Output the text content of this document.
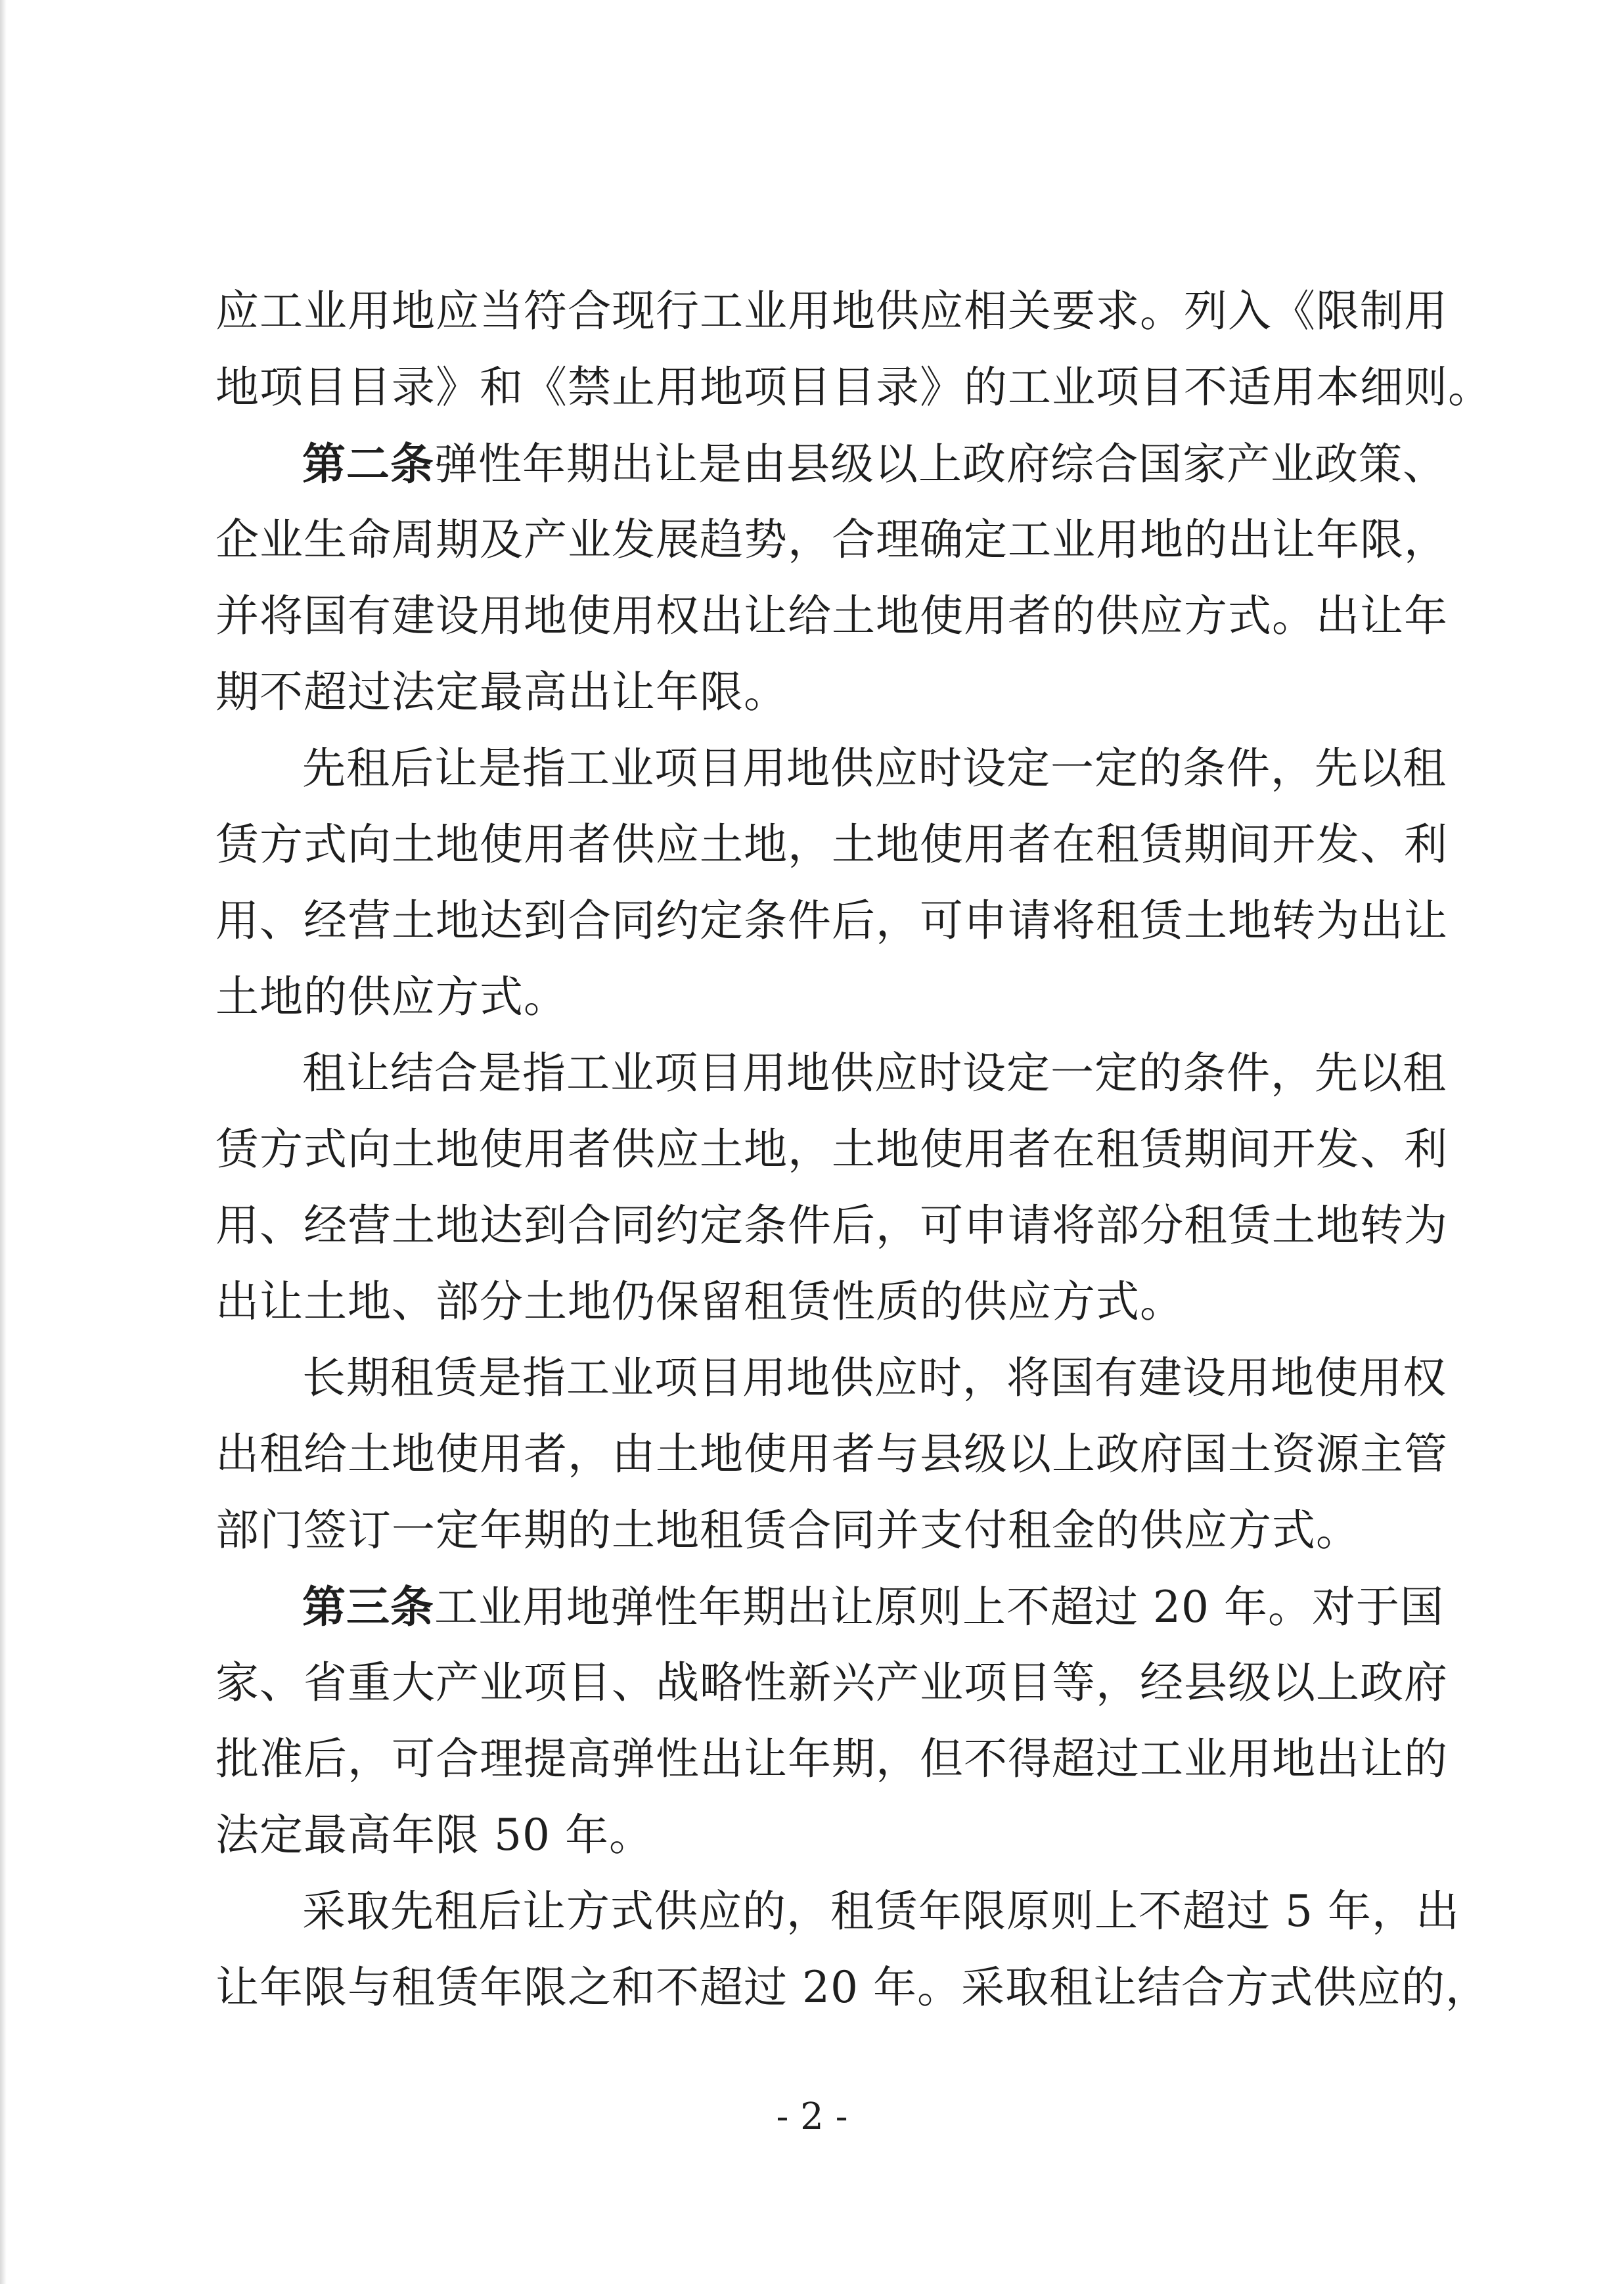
应工业用地应当符合现行工业用地供应相关要求。列入《限制用
地项目目录》和《禁止用地项目目录》的工业项目不适用本细则。
第二条弹性年期出让是由县级以上政府综合国家产业政策、
企业生命周期及产业发展趋势，合理确定工业用地的出让年限，
并将国有建设用地使用权出让给土地使用者的供应方式。出让年
期不超过法定最高出让年限。
先租后让是指工业项目用地供应时设定一定的条件，先以租
赁方式向土地使用者供应土地，土地使用者在租赁期间开发、利
用、经营土地达到合同约定条件后，可申请将租赁土地转为出让
土地的供应方式。
租让结合是指工业项目用地供应时设定一定的条件，先以租
赁方式向土地使用者供应土地，土地使用者在租赁期间开发、利
用、经营土地达到合同约定条件后，可申请将部分租赁土地转为
出让土地、部分土地仍保留租赁性质的供应方式。
长期租赁是指工业项目用地供应时，将国有建设用地使用权
出租给土地使用者，由土地使用者与县级以上政府国土资源主管
部门签订一定年期的土地租赁合同并支付租金的供应方式。
第三条工业用地弹性年期出让原则上不超过 20 年。对于国
家、省重大产业项目、战略性新兴产业项目等，经县级以上政府
批准后，可合理提高弹性出让年期，但不得超过工业用地出让的
法定最高年限 50 年。
采取先租后让方式供应的，租赁年限原则上不超过 5 年，出
让年限与租赁年限之和不超过 20 年。采取租让结合方式供应的，
- 2 -
